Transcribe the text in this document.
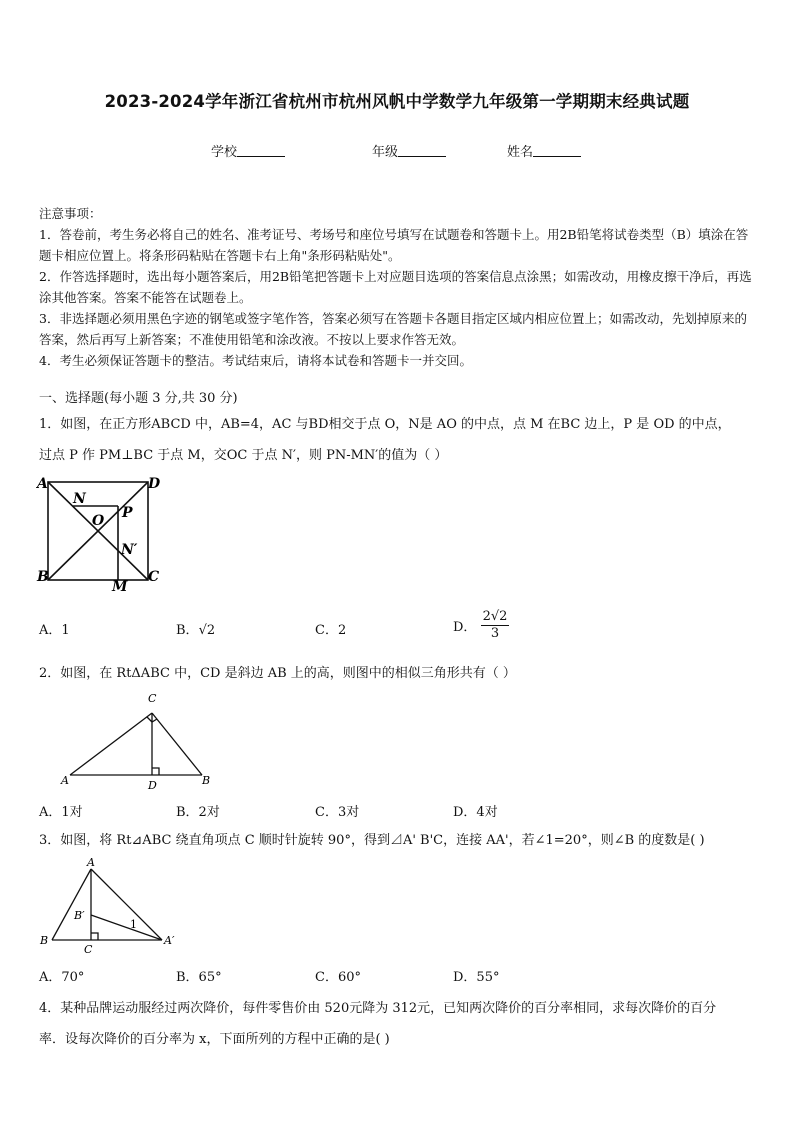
2023-2024学年浙江省杭州市杭州风帆中学数学九年级第一学期期末经典试题
学校	年级	姓名

注意事项：

1．答卷前，考生务必将自己的姓名、准考证号、考场号和座位号填写在试题卷和答题卡上。用2B铅笔将试卷类型（B）填涂在答题卡相应位置上。将条形码粘贴在答题卡右上角"条形码粘贴处"。

2．作答选择题时，选出每小题答案后，用2B铅笔把答题卡上对应题目选项的答案信息点涂黑；如需改动，用橡皮擦干净后，再选涂其他答案。答案不能答在试题卷上。

3．非选择题必须用黑色字迹的钢笔或签字笔作答，答案必须写在答题卡各题目指定区域内相应位置上；如需改动，先划掉原来的答案，然后再写上新答案；不准使用铅笔和涂改液。不按以上要求作答无效。

4．考生必须保证答题卡的整洁。考试结束后，请将本试卷和答题卡一并交回。

一、选择题(每小题 3 分,共 30 分)

1．如图，在正方形ABCD 中，AB=4，AC 与BD相交于点 O，N是 AO 的中点，点 M 在BC 边上，P 是 OD 的中点，

过点 P 作 PM⊥BC 于点 M，交OC 于点 N′，则 PN-MN′的值为（ ）

A	D
N
O P
N′
B
M
C
A．1	B．√2	C．2	D． $\frac{2√2}{3}$

2．如图，在 RtΔABC 中，CD 是斜边 AB 上的高，则图中的相似三角形共有（ ）

C
A	D	B
A．1对	B．2对	C．3对	D．4对

3．如图，将 Rt⊿ABC 绕直角项点 C 顺时针旋转 90°，得到⊿A' B'C，连接 AA'，若∠1=20°，则∠B 的度数是( )

A
B′
1
B
C
A′
A．70°	B．65°	C．60°	D．55°

4．某种品牌运动服经过两次降价，每件零售价由 520元降为 312元，已知两次降价的百分率相同，求每次降价的百分

率．设每次降价的百分率为 x，下面所列的方程中正确的是( )
